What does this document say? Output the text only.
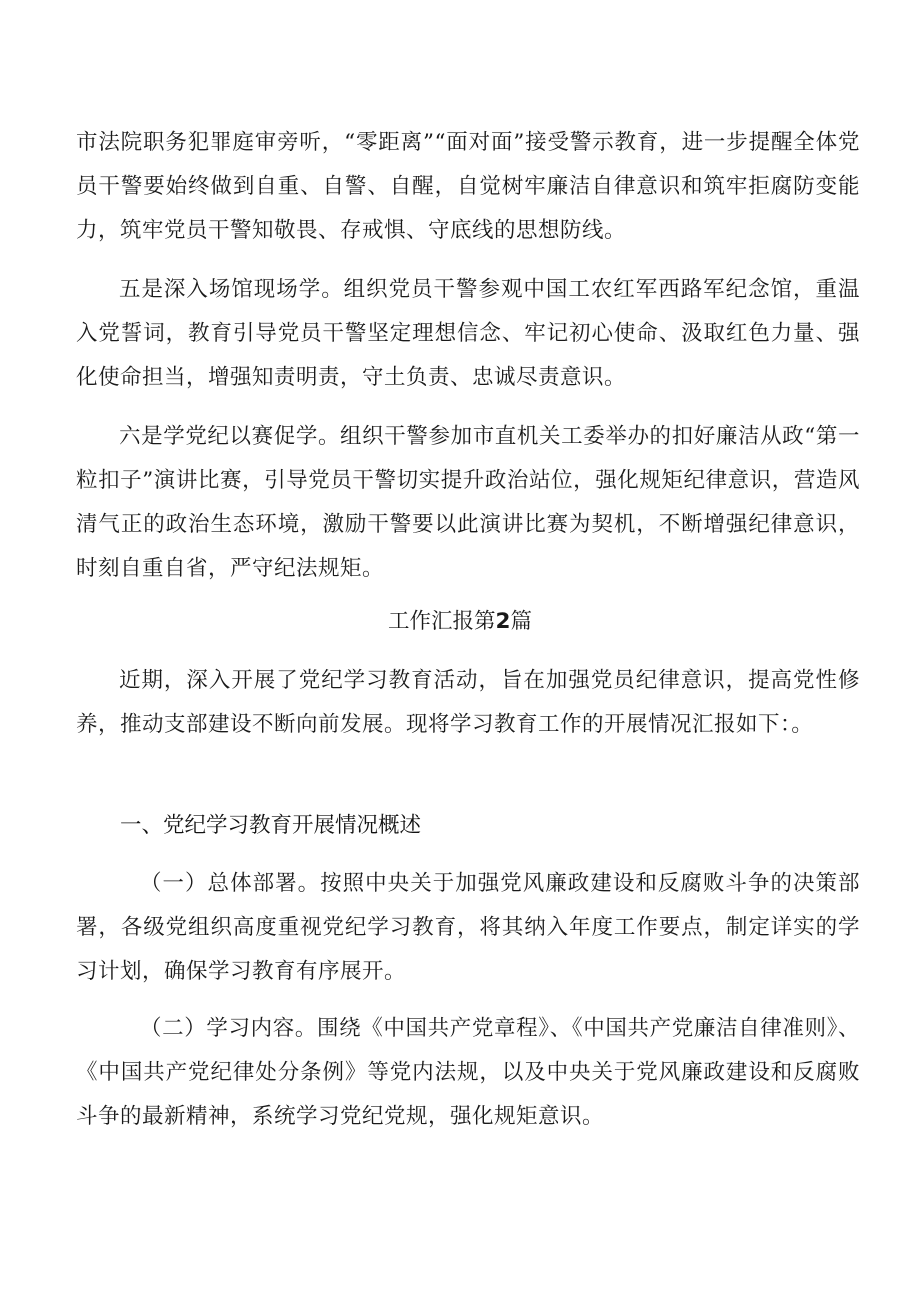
市法院职务犯罪庭审旁听，“零距离”“面对面”接受警示教育，进一步提醒全体党员干警要始终做到自重、自警、自醒，自觉树牢廉洁自律意识和筑牢拒腐防变能力，筑牢党员干警知敬畏、存戒惧、守底线的思想防线。

五是深入场馆现场学。组织党员干警参观中国工农红军西路军纪念馆，重温入党誓词，教育引导党员干警坚定理想信念、牢记初心使命、汲取红色力量、强化使命担当，增强知责明责，守土负责、忠诚尽责意识。

六是学党纪以赛促学。组织干警参加市直机关工委举办的扣好廉洁从政“第一粒扣子”演讲比赛，引导党员干警切实提升政治站位，强化规矩纪律意识，营造风清气正的政治生态环境，激励干警要以此演讲比赛为契机，不断增强纪律意识，时刻自重自省，严守纪法规矩。

工作汇报第2篇

近期，深入开展了党纪学习教育活动，旨在加强党员纪律意识，提高党性修养，推动支部建设不断向前发展。现将学习教育工作的开展情况汇报如下：。

一、党纪学习教育开展情况概述

（一）总体部署。按照中央关于加强党风廉政建设和反腐败斗争的决策部署，各级党组织高度重视党纪学习教育，将其纳入年度工作要点，制定详实的学习计划，确保学习教育有序展开。

（二）学习内容。围绕《中国共产党章程》、《中国共产党廉洁自律准则》、《中国共产党纪律处分条例》等党内法规，以及中央关于党风廉政建设和反腐败斗争的最新精神，系统学习党纪党规，强化规矩意识。
